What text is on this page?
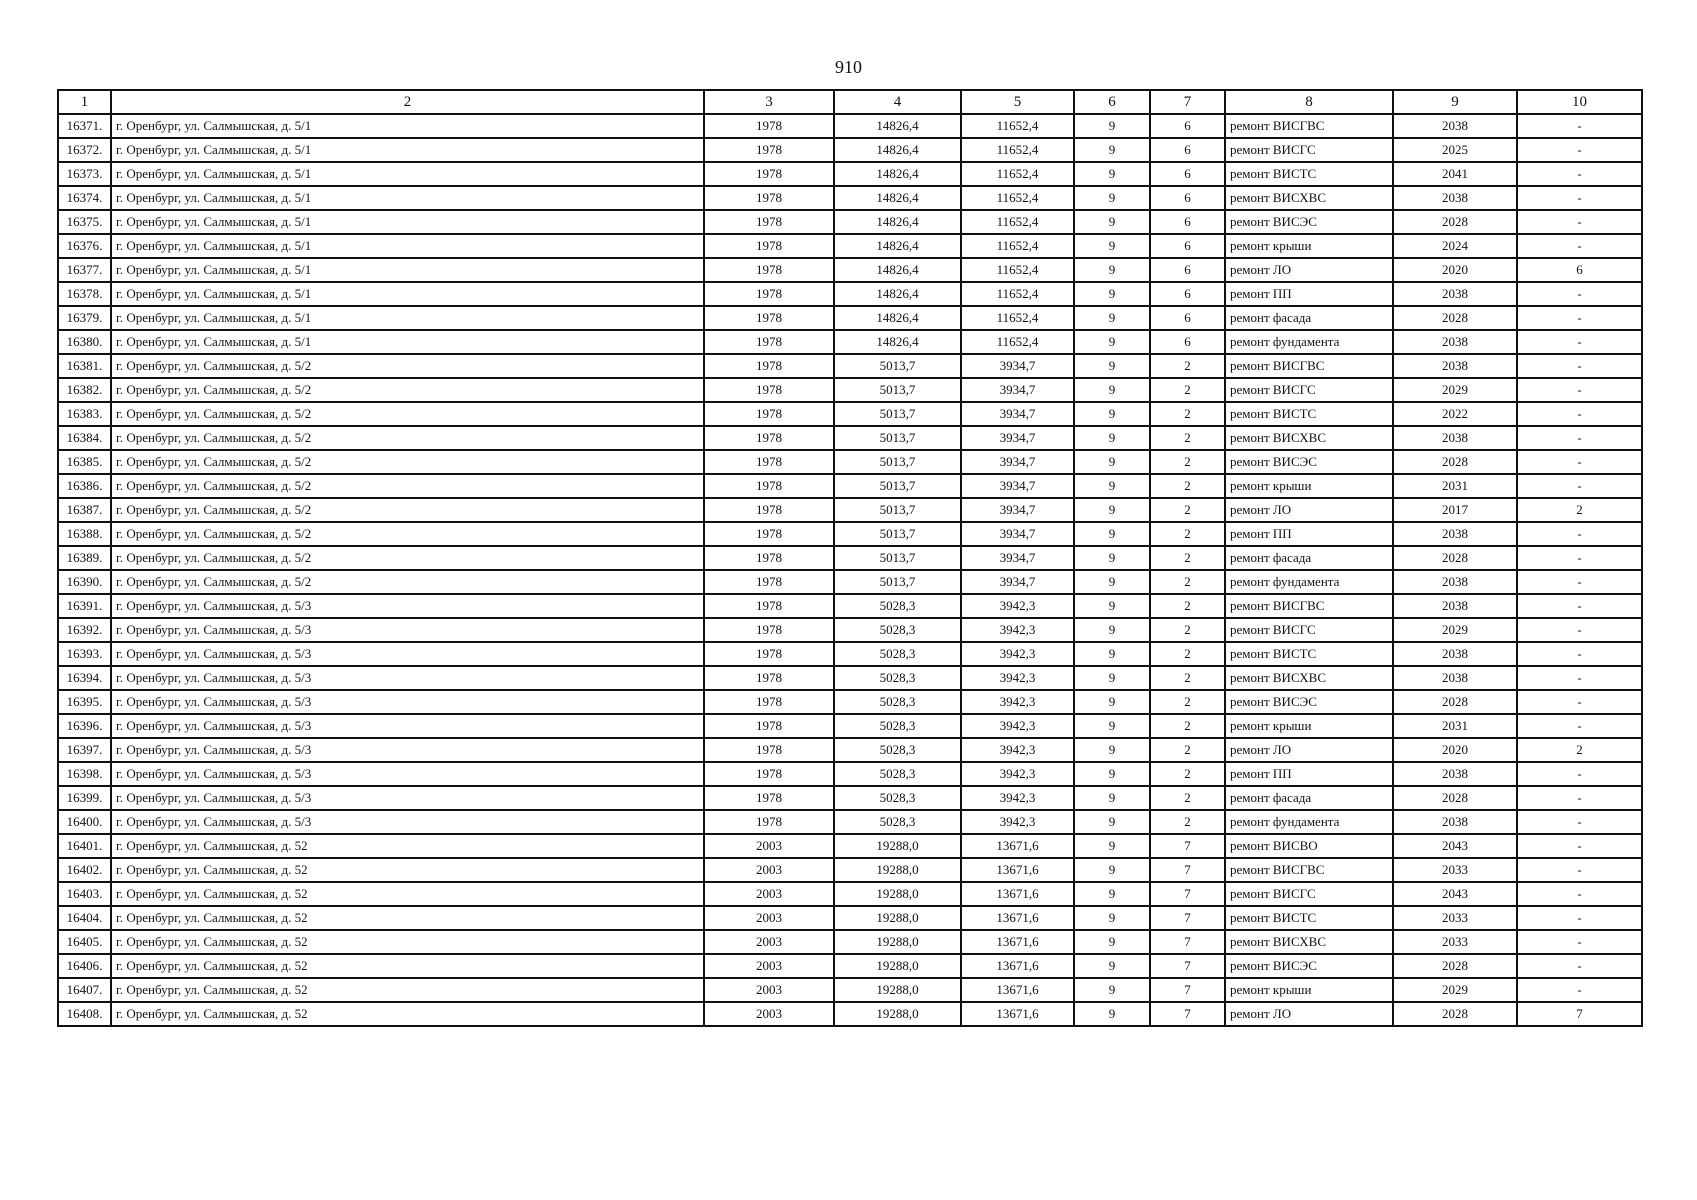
910
1	2	3	4	5	6	7	8	9	10
16371.	г. Оренбург, ул. Салмышская, д. 5/1	1978	14826,4	11652,4	9	6	ремонт ВИСГВС	2038	-
16372.	г. Оренбург, ул. Салмышская, д. 5/1	1978	14826,4	11652,4	9	6	ремонт ВИСГС	2025	-
16373.	г. Оренбург, ул. Салмышская, д. 5/1	1978	14826,4	11652,4	9	6	ремонт ВИСТС	2041	-
16374.	г. Оренбург, ул. Салмышская, д. 5/1	1978	14826,4	11652,4	9	6	ремонт ВИСХВС	2038	-
16375.	г. Оренбург, ул. Салмышская, д. 5/1	1978	14826,4	11652,4	9	6	ремонт ВИСЭС	2028	-
16376.	г. Оренбург, ул. Салмышская, д. 5/1	1978	14826,4	11652,4	9	6	ремонт крыши	2024	-
16377.	г. Оренбург, ул. Салмышская, д. 5/1	1978	14826,4	11652,4	9	6	ремонт ЛО	2020	6
16378.	г. Оренбург, ул. Салмышская, д. 5/1	1978	14826,4	11652,4	9	6	ремонт ПП	2038	-
16379.	г. Оренбург, ул. Салмышская, д. 5/1	1978	14826,4	11652,4	9	6	ремонт фасада	2028	-
16380.	г. Оренбург, ул. Салмышская, д. 5/1	1978	14826,4	11652,4	9	6	ремонт фундамента	2038	-
16381.	г. Оренбург, ул. Салмышская, д. 5/2	1978	5013,7	3934,7	9	2	ремонт ВИСГВС	2038	-
16382.	г. Оренбург, ул. Салмышская, д. 5/2	1978	5013,7	3934,7	9	2	ремонт ВИСГС	2029	-
16383.	г. Оренбург, ул. Салмышская, д. 5/2	1978	5013,7	3934,7	9	2	ремонт ВИСТС	2022	-
16384.	г. Оренбург, ул. Салмышская, д. 5/2	1978	5013,7	3934,7	9	2	ремонт ВИСХВС	2038	-
16385.	г. Оренбург, ул. Салмышская, д. 5/2	1978	5013,7	3934,7	9	2	ремонт ВИСЭС	2028	-
16386.	г. Оренбург, ул. Салмышская, д. 5/2	1978	5013,7	3934,7	9	2	ремонт крыши	2031	-
16387.	г. Оренбург, ул. Салмышская, д. 5/2	1978	5013,7	3934,7	9	2	ремонт ЛО	2017	2
16388.	г. Оренбург, ул. Салмышская, д. 5/2	1978	5013,7	3934,7	9	2	ремонт ПП	2038	-
16389.	г. Оренбург, ул. Салмышская, д. 5/2	1978	5013,7	3934,7	9	2	ремонт фасада	2028	-
16390.	г. Оренбург, ул. Салмышская, д. 5/2	1978	5013,7	3934,7	9	2	ремонт фундамента	2038	-
16391.	г. Оренбург, ул. Салмышская, д. 5/3	1978	5028,3	3942,3	9	2	ремонт ВИСГВС	2038	-
16392.	г. Оренбург, ул. Салмышская, д. 5/3	1978	5028,3	3942,3	9	2	ремонт ВИСГС	2029	-
16393.	г. Оренбург, ул. Салмышская, д. 5/3	1978	5028,3	3942,3	9	2	ремонт ВИСТС	2038	-
16394.	г. Оренбург, ул. Салмышская, д. 5/3	1978	5028,3	3942,3	9	2	ремонт ВИСХВС	2038	-
16395.	г. Оренбург, ул. Салмышская, д. 5/3	1978	5028,3	3942,3	9	2	ремонт ВИСЭС	2028	-
16396.	г. Оренбург, ул. Салмышская, д. 5/3	1978	5028,3	3942,3	9	2	ремонт крыши	2031	-
16397.	г. Оренбург, ул. Салмышская, д. 5/3	1978	5028,3	3942,3	9	2	ремонт ЛО	2020	2
16398.	г. Оренбург, ул. Салмышская, д. 5/3	1978	5028,3	3942,3	9	2	ремонт ПП	2038	-
16399.	г. Оренбург, ул. Салмышская, д. 5/3	1978	5028,3	3942,3	9	2	ремонт фасада	2028	-
16400.	г. Оренбург, ул. Салмышская, д. 5/3	1978	5028,3	3942,3	9	2	ремонт фундамента	2038	-
16401.	г. Оренбург, ул. Салмышская, д. 52	2003	19288,0	13671,6	9	7	ремонт ВИСВО	2043	-
16402.	г. Оренбург, ул. Салмышская, д. 52	2003	19288,0	13671,6	9	7	ремонт ВИСГВС	2033	-
16403.	г. Оренбург, ул. Салмышская, д. 52	2003	19288,0	13671,6	9	7	ремонт ВИСГС	2043	-
16404.	г. Оренбург, ул. Салмышская, д. 52	2003	19288,0	13671,6	9	7	ремонт ВИСТС	2033	-
16405.	г. Оренбург, ул. Салмышская, д. 52	2003	19288,0	13671,6	9	7	ремонт ВИСХВС	2033	-
16406.	г. Оренбург, ул. Салмышская, д. 52	2003	19288,0	13671,6	9	7	ремонт ВИСЭС	2028	-
16407.	г. Оренбург, ул. Салмышская, д. 52	2003	19288,0	13671,6	9	7	ремонт крыши	2029	-
16408.	г. Оренбург, ул. Салмышская, д. 52	2003	19288,0	13671,6	9	7	ремонт ЛО	2028	7
